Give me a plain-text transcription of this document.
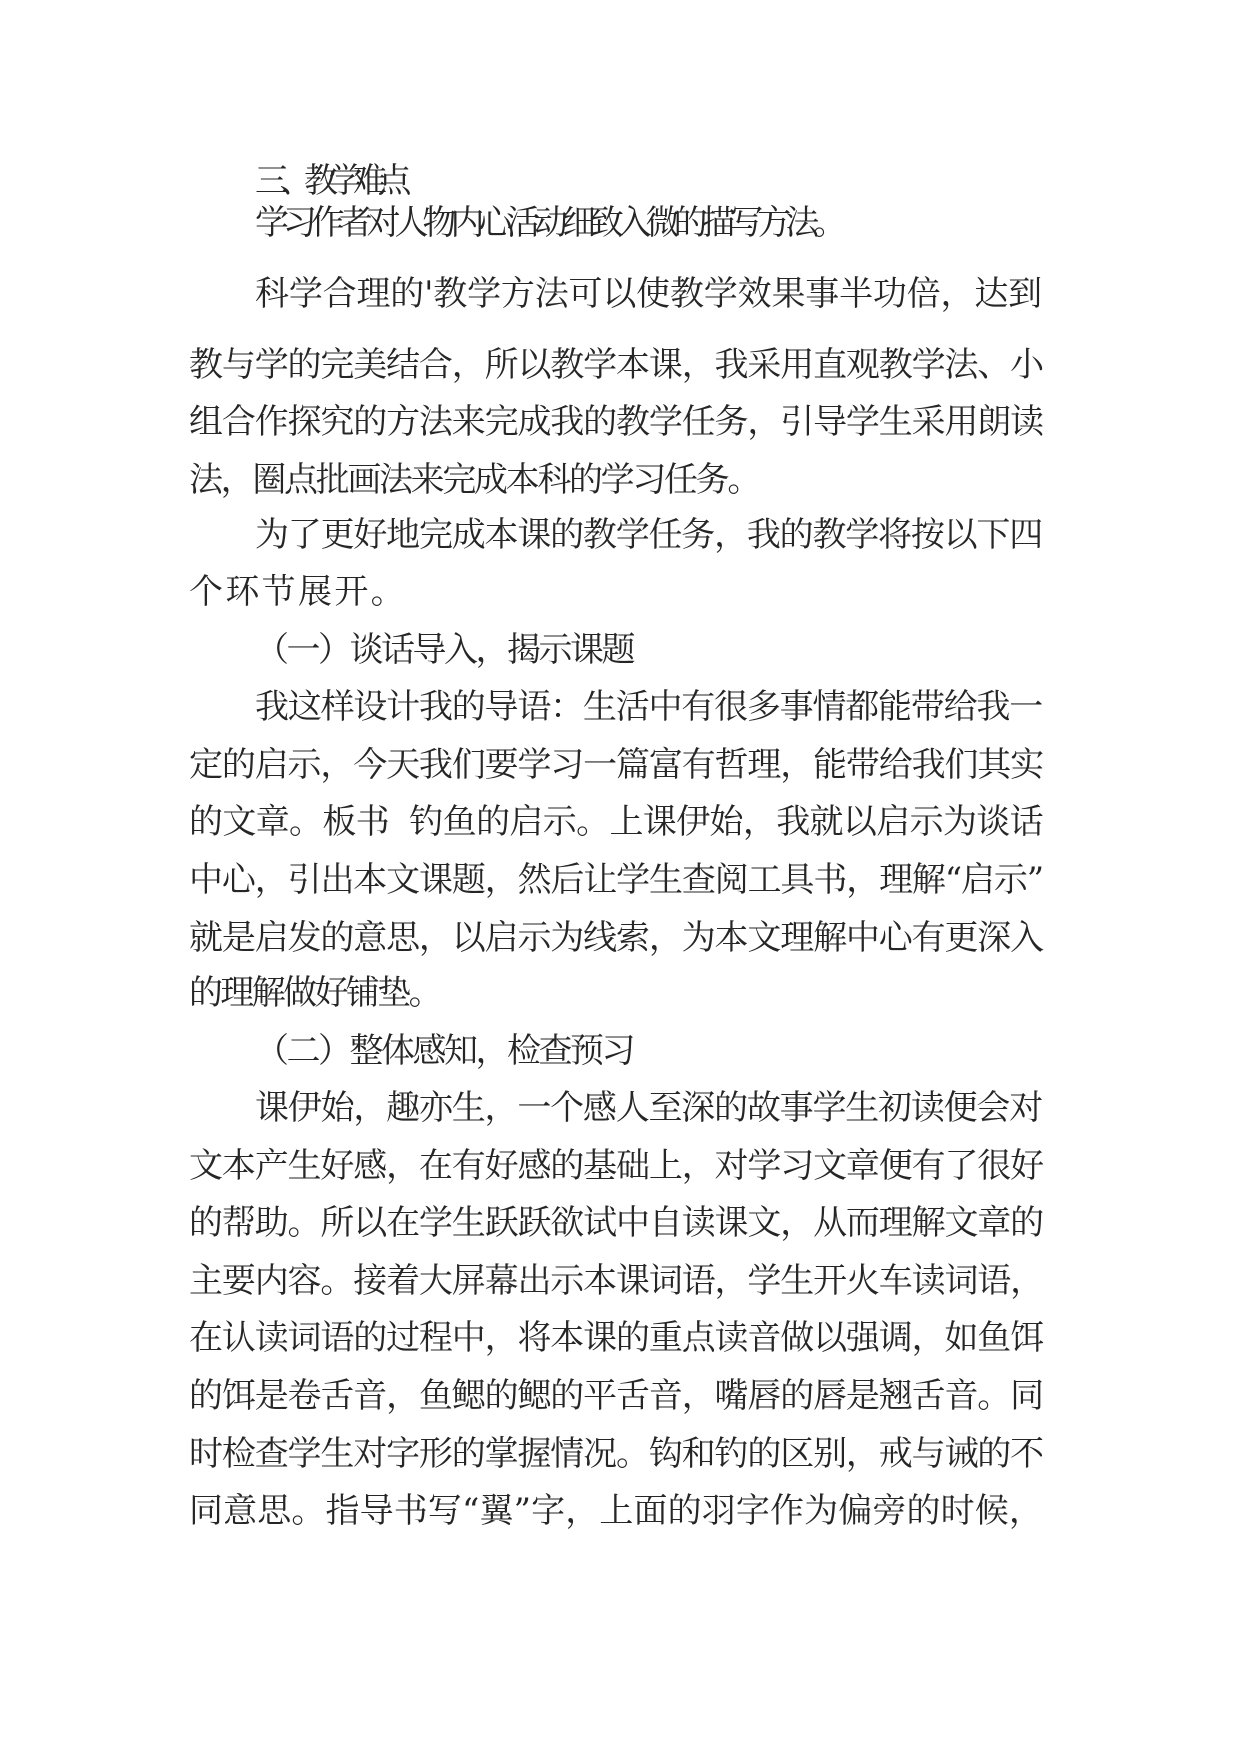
三、教学难点
学习作者对人物内心活动细致入微的描写方法。
科学合理的'教学方法可以使教学效果事半功倍，达到
教与学的完美结合，所以教学本课，我采用直观教学法、小
组合作探究的方法来完成我的教学任务，引导学生采用朗读
法，圈点批画法来完成本科的学习任务。
为了更好地完成本课的教学任务，我的教学将按以下四
个环节展开。
（一）谈话导入，揭示课题
我这样设计我的导语：生活中有很多事情都能带给我一
定的启示，今天我们要学习一篇富有哲理，能带给我们其实
的文章。板书  钓鱼的启示。上课伊始，我就以启示为谈话
中心，引出本文课题，然后让学生查阅工具书，理解“启示”
就是启发的意思，以启示为线索，为本文理解中心有更深入
的理解做好铺垫。
（二）整体感知，检查预习
课伊始，趣亦生，一个感人至深的故事学生初读便会对
文本产生好感，在有好感的基础上，对学习文章便有了很好
的帮助。所以在学生跃跃欲试中自读课文，从而理解文章的
主要内容。接着大屏幕出示本课词语，学生开火车读词语，
在认读词语的过程中，将本课的重点读音做以强调，如鱼饵
的饵是卷舌音，鱼鳃的鳃的平舌音，嘴唇的唇是翘舌音。同
时检查学生对字形的掌握情况。钩和钓的区别，戒与诫的不
同意思。指导书写“翼”字，上面的羽字作为偏旁的时候，
